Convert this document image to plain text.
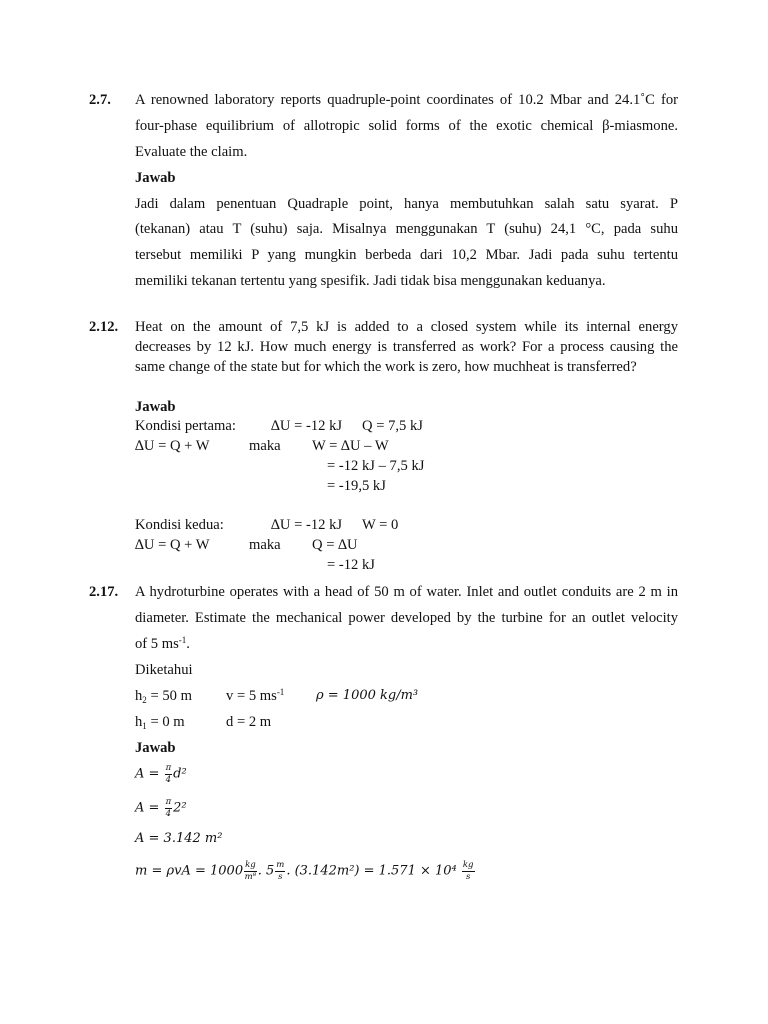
2.7. A renowned laboratory reports quadruple-point coordinates of 10.2 Mbar and 24.1˚C for
four-phase equilibrium of allotropic solid forms of the exotic chemical β-miasmone.
Evaluate the claim.
Jawab
Jadi dalam penentuan Quadraple point, hanya membutuhkan salah satu syarat. P
(tekanan) atau T (suhu) saja. Misalnya menggunakan T (suhu) 24,1 °C, pada suhu
tersebut memiliki P yang mungkin berbeda dari 10,2 Mbar. Jadi pada suhu tertentu
memiliki tekanan tertentu yang spesifik. Jadi tidak bisa menggunakan keduanya.
2.12. Heat on the amount of 7,5 kJ is added to a closed system while its internal energy
decreases by 12 kJ. How much energy is transferred as work? For a process causing the
same change of the state but for which the work is zero, how muchheat is transferred?
Jawab
Kondisi pertama: ∆U = -12 kJ Q = 7,5 kJ
∆U = Q + W	maka W = ∆U – W
= -12 kJ – 7,5 kJ
= -19,5 kJ
Kondisi kedua:	∆U = -12 kJ W = 0
∆U = Q + W	maka Q = ∆U
= -12 kJ
2.17. A hydroturbine operates with a head of 50 m of water. Inlet and outlet conduits are 2 m in
diameter. Estimate the mechanical power developed by the turbine for an outlet velocity
of 5 $ms^{-1}$.
Diketahui
$h_2 = 50$ m v = 5 $ms^{-1}$ ρ = 1000 kg/m³
$h_1 = 0$ m	d = 2 m
Jawab
$A = \frac{\pi}{4} d^2$
$A = \frac{\pi}{4} 2^2$
A = 3.142 m²
$m = \rho vA = 1000 \frac{kg}{\text{m⁸}}$ . $5 \frac{m}{s}$ . $(3.142m^2) = 1.571 \times 10^4 \frac{kg}{s}$
